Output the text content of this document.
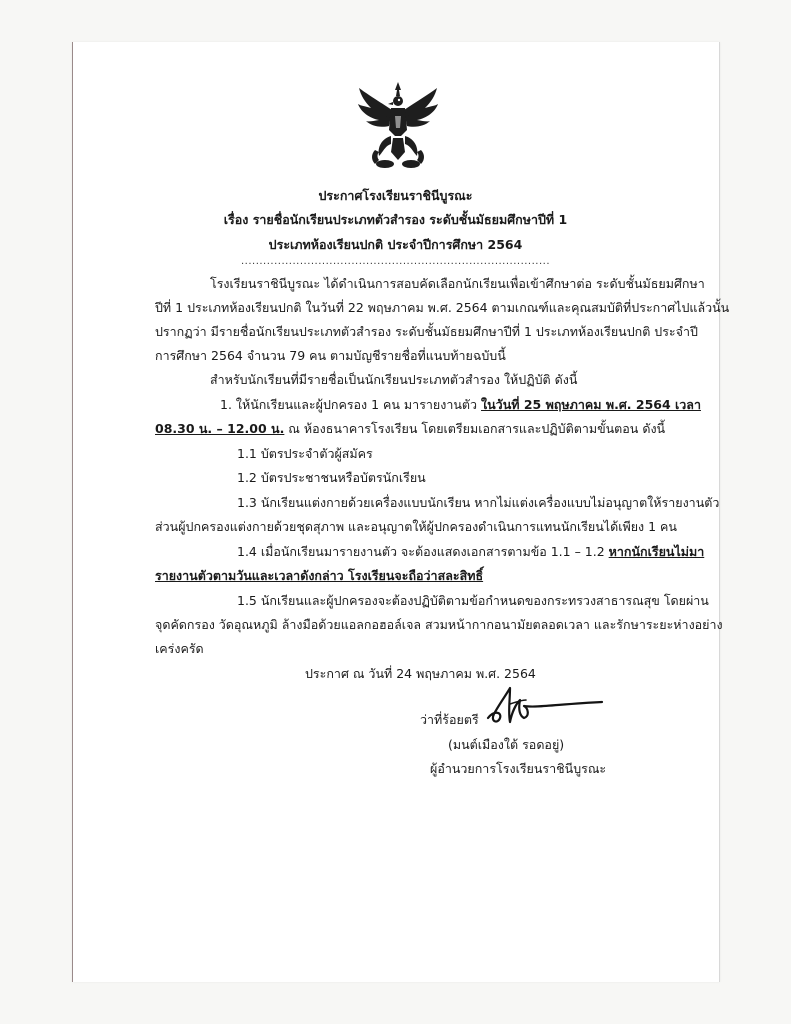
ประกาศโรงเรียนราชินีบูรณะ
เรื่อง รายชื่อนักเรียนประเภทตัวสำรอง ระดับชั้นมัธยมศึกษาปีที่ 1
ประเภทห้องเรียนปกติ ประจำปีการศึกษา 2564
....................................................................................
โรงเรียนราชินีบูรณะ ได้ดำเนินการสอบคัดเลือกนักเรียนเพื่อเข้าศึกษาต่อ ระดับชั้นมัธยมศึกษา
ปีที่ 1 ประเภทห้องเรียนปกติ ในวันที่ 22 พฤษภาคม พ.ศ. 2564 ตามเกณฑ์และคุณสมบัติที่ประกาศไปแล้วนั้น
ปรากฏว่า มีรายชื่อนักเรียนประเภทตัวสำรอง ระดับชั้นมัธยมศึกษาปีที่ 1 ประเภทห้องเรียนปกติ ประจำปี
การศึกษา 2564 จำนวน 79 คน ตามบัญชีรายชื่อที่แนบท้ายฉบับนี้
สำหรับนักเรียนที่มีรายชื่อเป็นนักเรียนประเภทตัวสำรอง ให้ปฏิบัติ ดังนี้
1. ให้นักเรียนและผู้ปกครอง 1 คน มารายงานตัว ในวันที่ 25 พฤษภาคม พ.ศ. 2564 เวลา
08.30 น. – 12.00 น. ณ ห้องธนาคารโรงเรียน โดยเตรียมเอกสารและปฏิบัติตามขั้นตอน ดังนี้
1.1 บัตรประจำตัวผู้สมัคร
1.2 บัตรประชาชนหรือบัตรนักเรียน
1.3 นักเรียนแต่งกายด้วยเครื่องแบบนักเรียน หากไม่แต่งเครื่องแบบไม่อนุญาตให้รายงานตัว
ส่วนผู้ปกครองแต่งกายด้วยชุดสุภาพ และอนุญาตให้ผู้ปกครองดำเนินการแทนนักเรียนได้เพียง 1 คน
1.4 เมื่อนักเรียนมารายงานตัว จะต้องแสดงเอกสารตามข้อ 1.1 – 1.2 หากนักเรียนไม่มา
รายงานตัวตามวันและเวลาดังกล่าว โรงเรียนจะถือว่าสละสิทธิ์
1.5 นักเรียนและผู้ปกครองจะต้องปฏิบัติตามข้อกำหนดของกระทรวงสาธารณสุข โดยผ่าน
จุดคัดกรอง วัดอุณหภูมิ ล้างมือด้วยแอลกอฮอล์เจล สวมหน้ากากอนามัยตลอดเวลา และรักษาระยะห่างอย่าง
เคร่งครัด
ประกาศ ณ วันที่ 24 พฤษภาคม พ.ศ. 2564
ว่าที่ร้อยตรี
(มนต์เมืองใต้ รอดอยู่)
ผู้อำนวยการโรงเรียนราชินีบูรณะ
